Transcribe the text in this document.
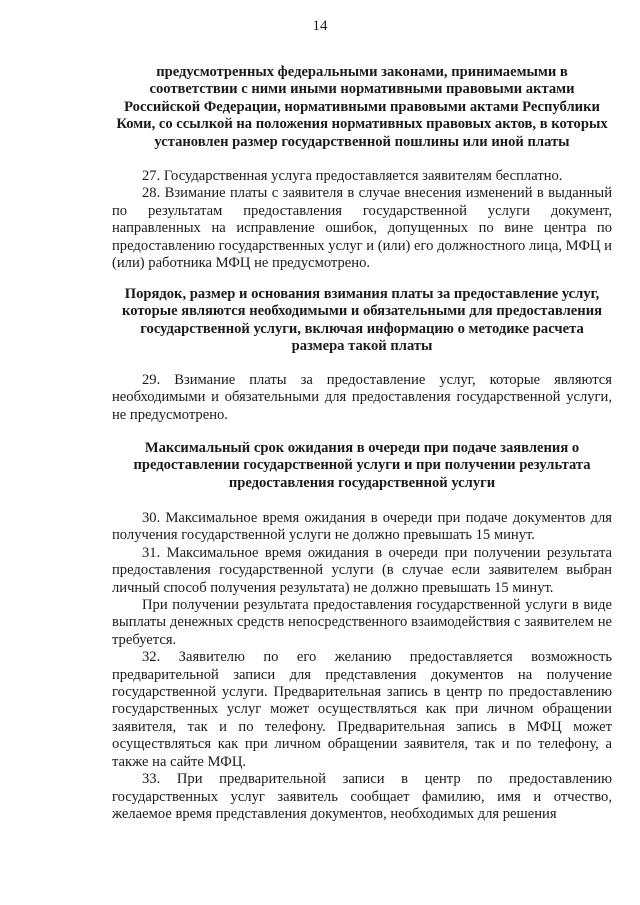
14
предусмотренных федеральными законами, принимаемыми в соответствии с ними иными нормативными правовыми актами Российской Федерации, нормативными правовыми актами Республики Коми, со ссылкой на положения нормативных правовых актов, в которых установлен размер государственной пошлины или иной платы

27. Государственная услуга предоставляется заявителям бесплатно.

28. Взимание платы с заявителя в случае внесения изменений в выданный по результатам предоставления государственной услуги документ, направленных на исправление ошибок, допущенных по вине центра по предоставлению государственных услуг и (или) его должностного лица, МФЦ и (или) работника МФЦ не предусмотрено.

Порядок, размер и основания взимания платы за предоставление услуг, которые являются необходимыми и обязательными для предоставления государственной услуги, включая информацию о методике расчета размера такой платы

29. Взимание платы за предоставление услуг, которые являются необходимыми и обязательными для предоставления государственной услуги, не предусмотрено.

Максимальный срок ожидания в очереди при подаче заявления о предоставлении государственной услуги и при получении результата предоставления государственной услуги

30. Максимальное время ожидания в очереди при подаче документов для получения государственной услуги не должно превышать 15 минут.

31. Максимальное время ожидания в очереди при получении результата предоставления государственной услуги (в случае если заявителем выбран личный способ получения результата) не должно превышать 15 минут.

При получении результата предоставления государственной услуги в виде выплаты денежных средств непосредственного взаимодействия с заявителем не требуется.

32. Заявителю по его желанию предоставляется возможность предварительной записи для представления документов на получение государственной услуги. Предварительная запись в центр по предоставлению государственных услуг может осуществляться как при личном обращении заявителя, так и по телефону. Предварительная запись в МФЦ может осуществляться как при личном обращении заявителя, так и по телефону, а также на сайте МФЦ.

33. При предварительной записи в центр по предоставлению государственных услуг заявитель сообщает фамилию, имя и отчество, желаемое время представления документов, необходимых для решения
